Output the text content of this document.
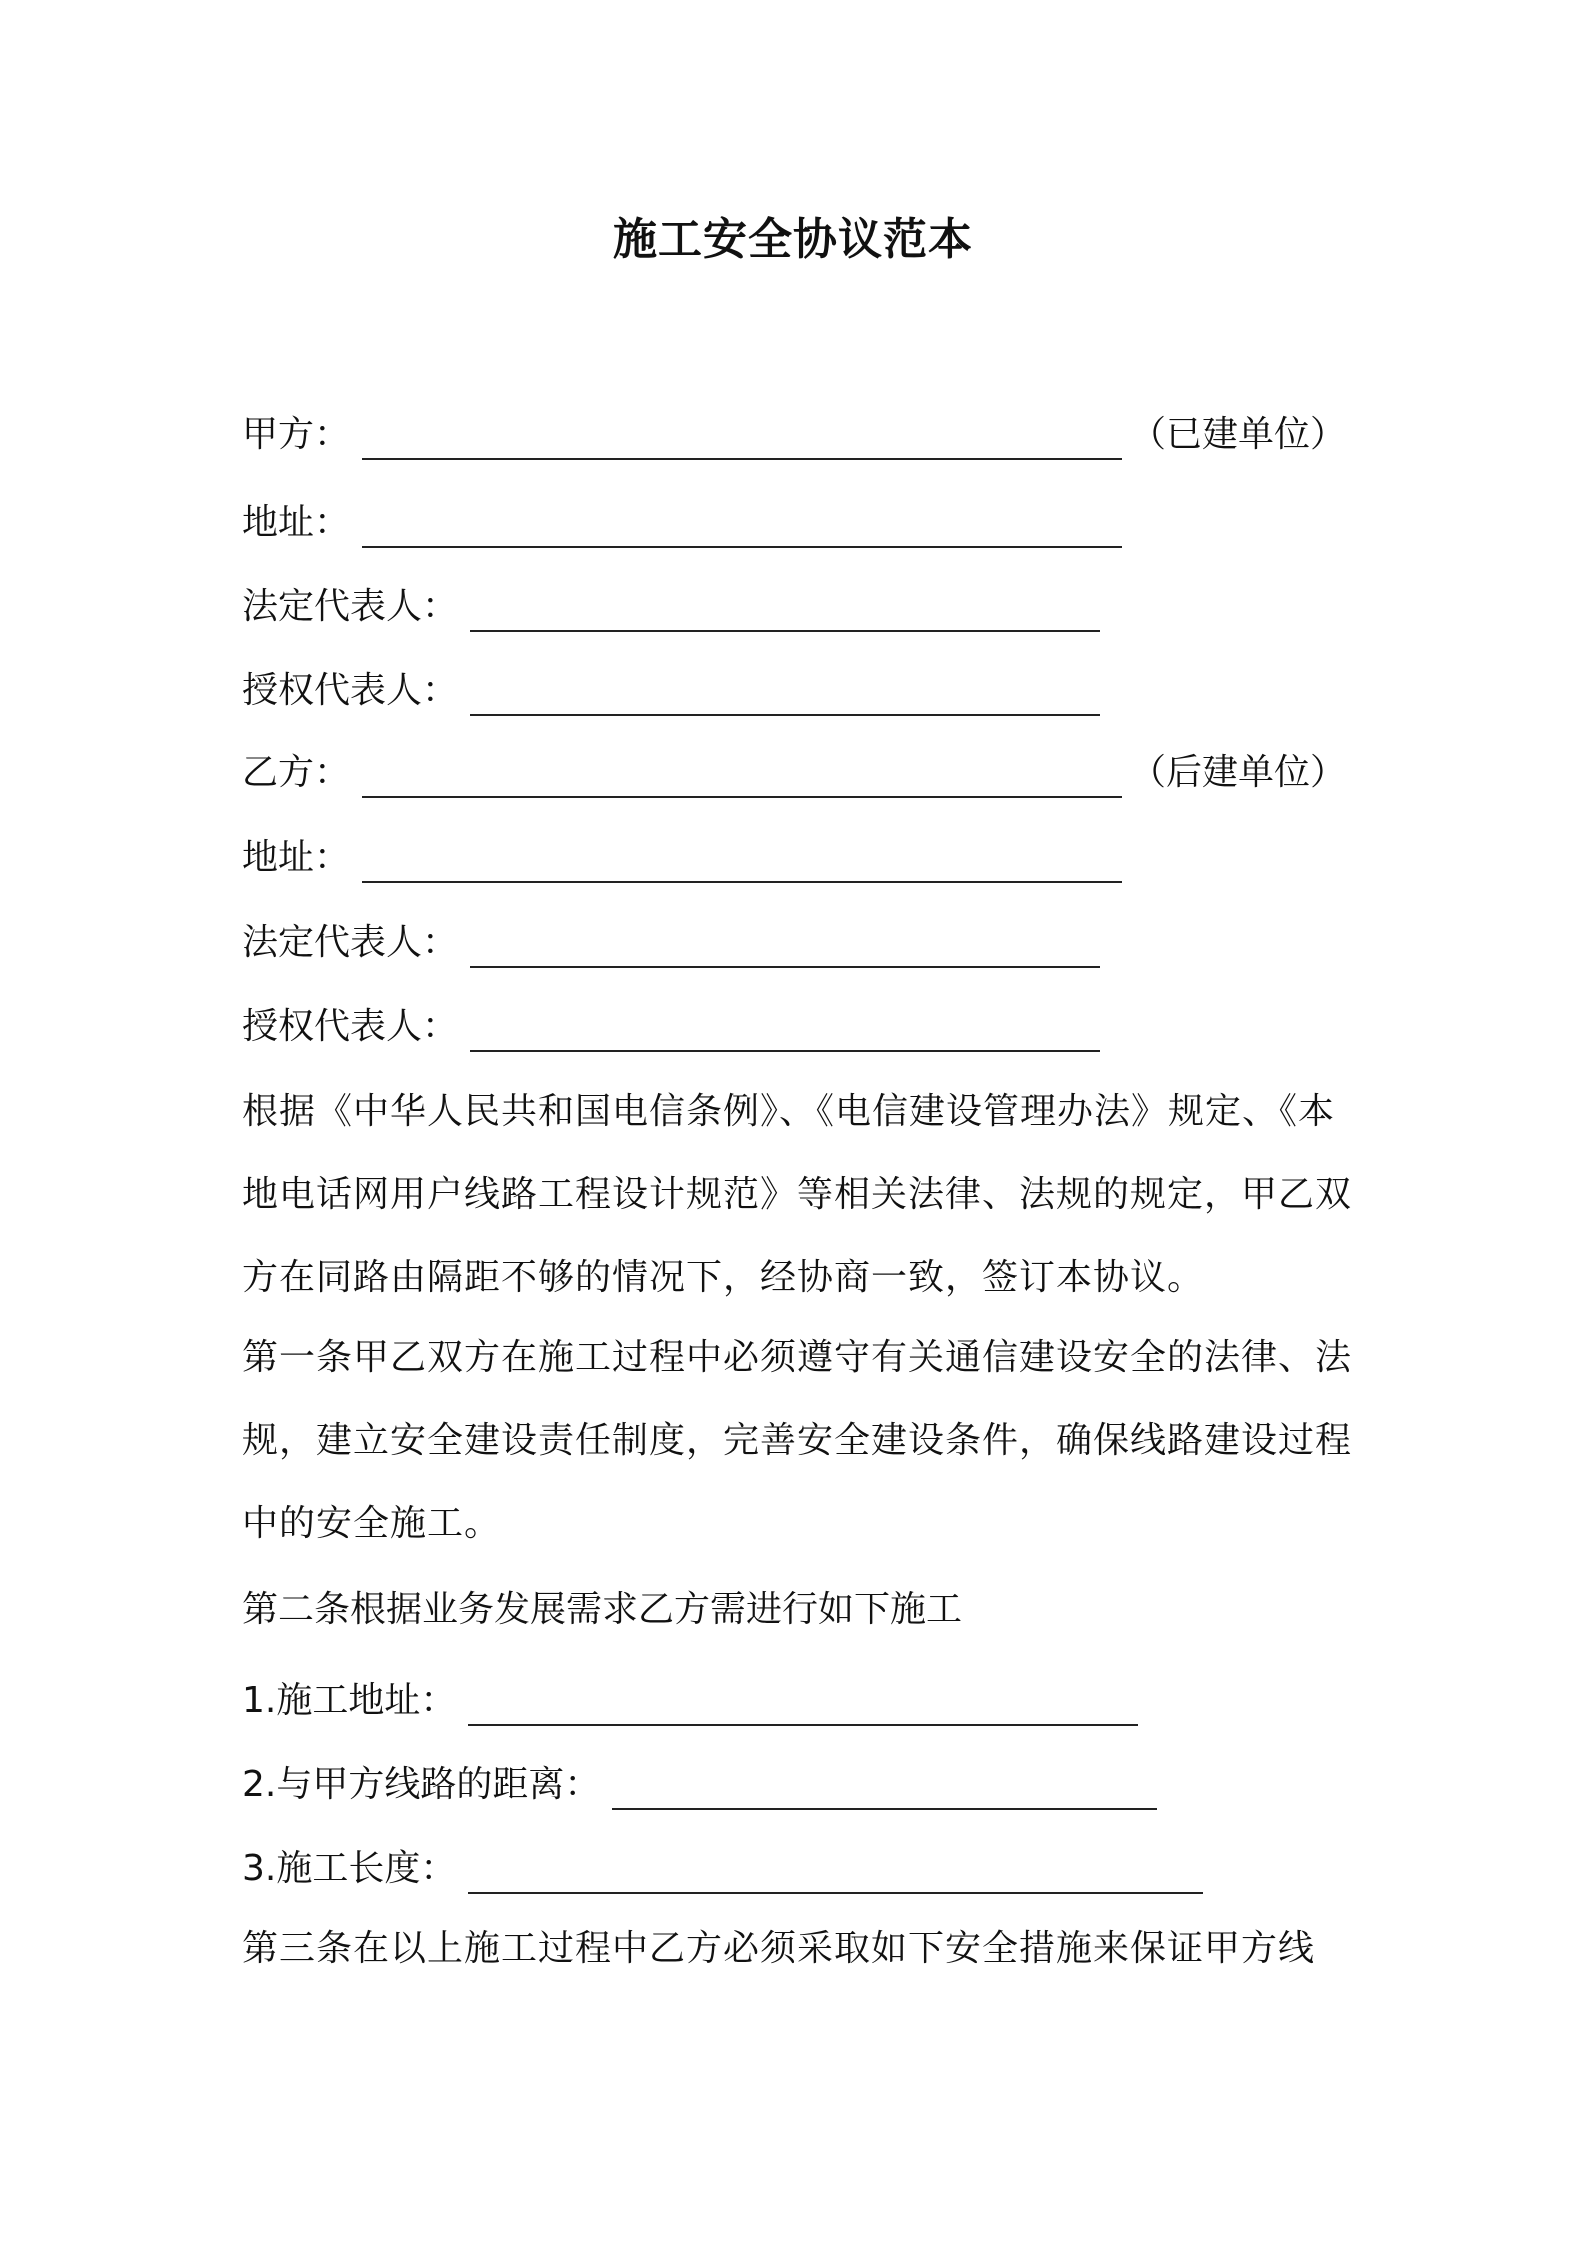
施工安全协议范本
甲方：	（已建单位）
地址：
法定代表人：
授权代表人：
乙方：	（后建单位）
地址：
法定代表人：
授权代表人：
根据《中华人民共和国电信条例》、《电信建设管理办法》规定、《本
地电话网用户线路工程设计规范》等相关法律、法规的规定，甲乙双
方在同路由隔距不够的情况下，经协商一致，签订本协议。
第一条甲乙双方在施工过程中必须遵守有关通信建设安全的法律、法
规，建立安全建设责任制度，完善安全建设条件，确保线路建设过程
中的安全施工。
第二条根据业务发展需求乙方需进行如下施工
1.施工地址：
2.与甲方线路的距离：
3.施工长度：
第三条在以上施工过程中乙方必须采取如下安全措施来保证甲方线
